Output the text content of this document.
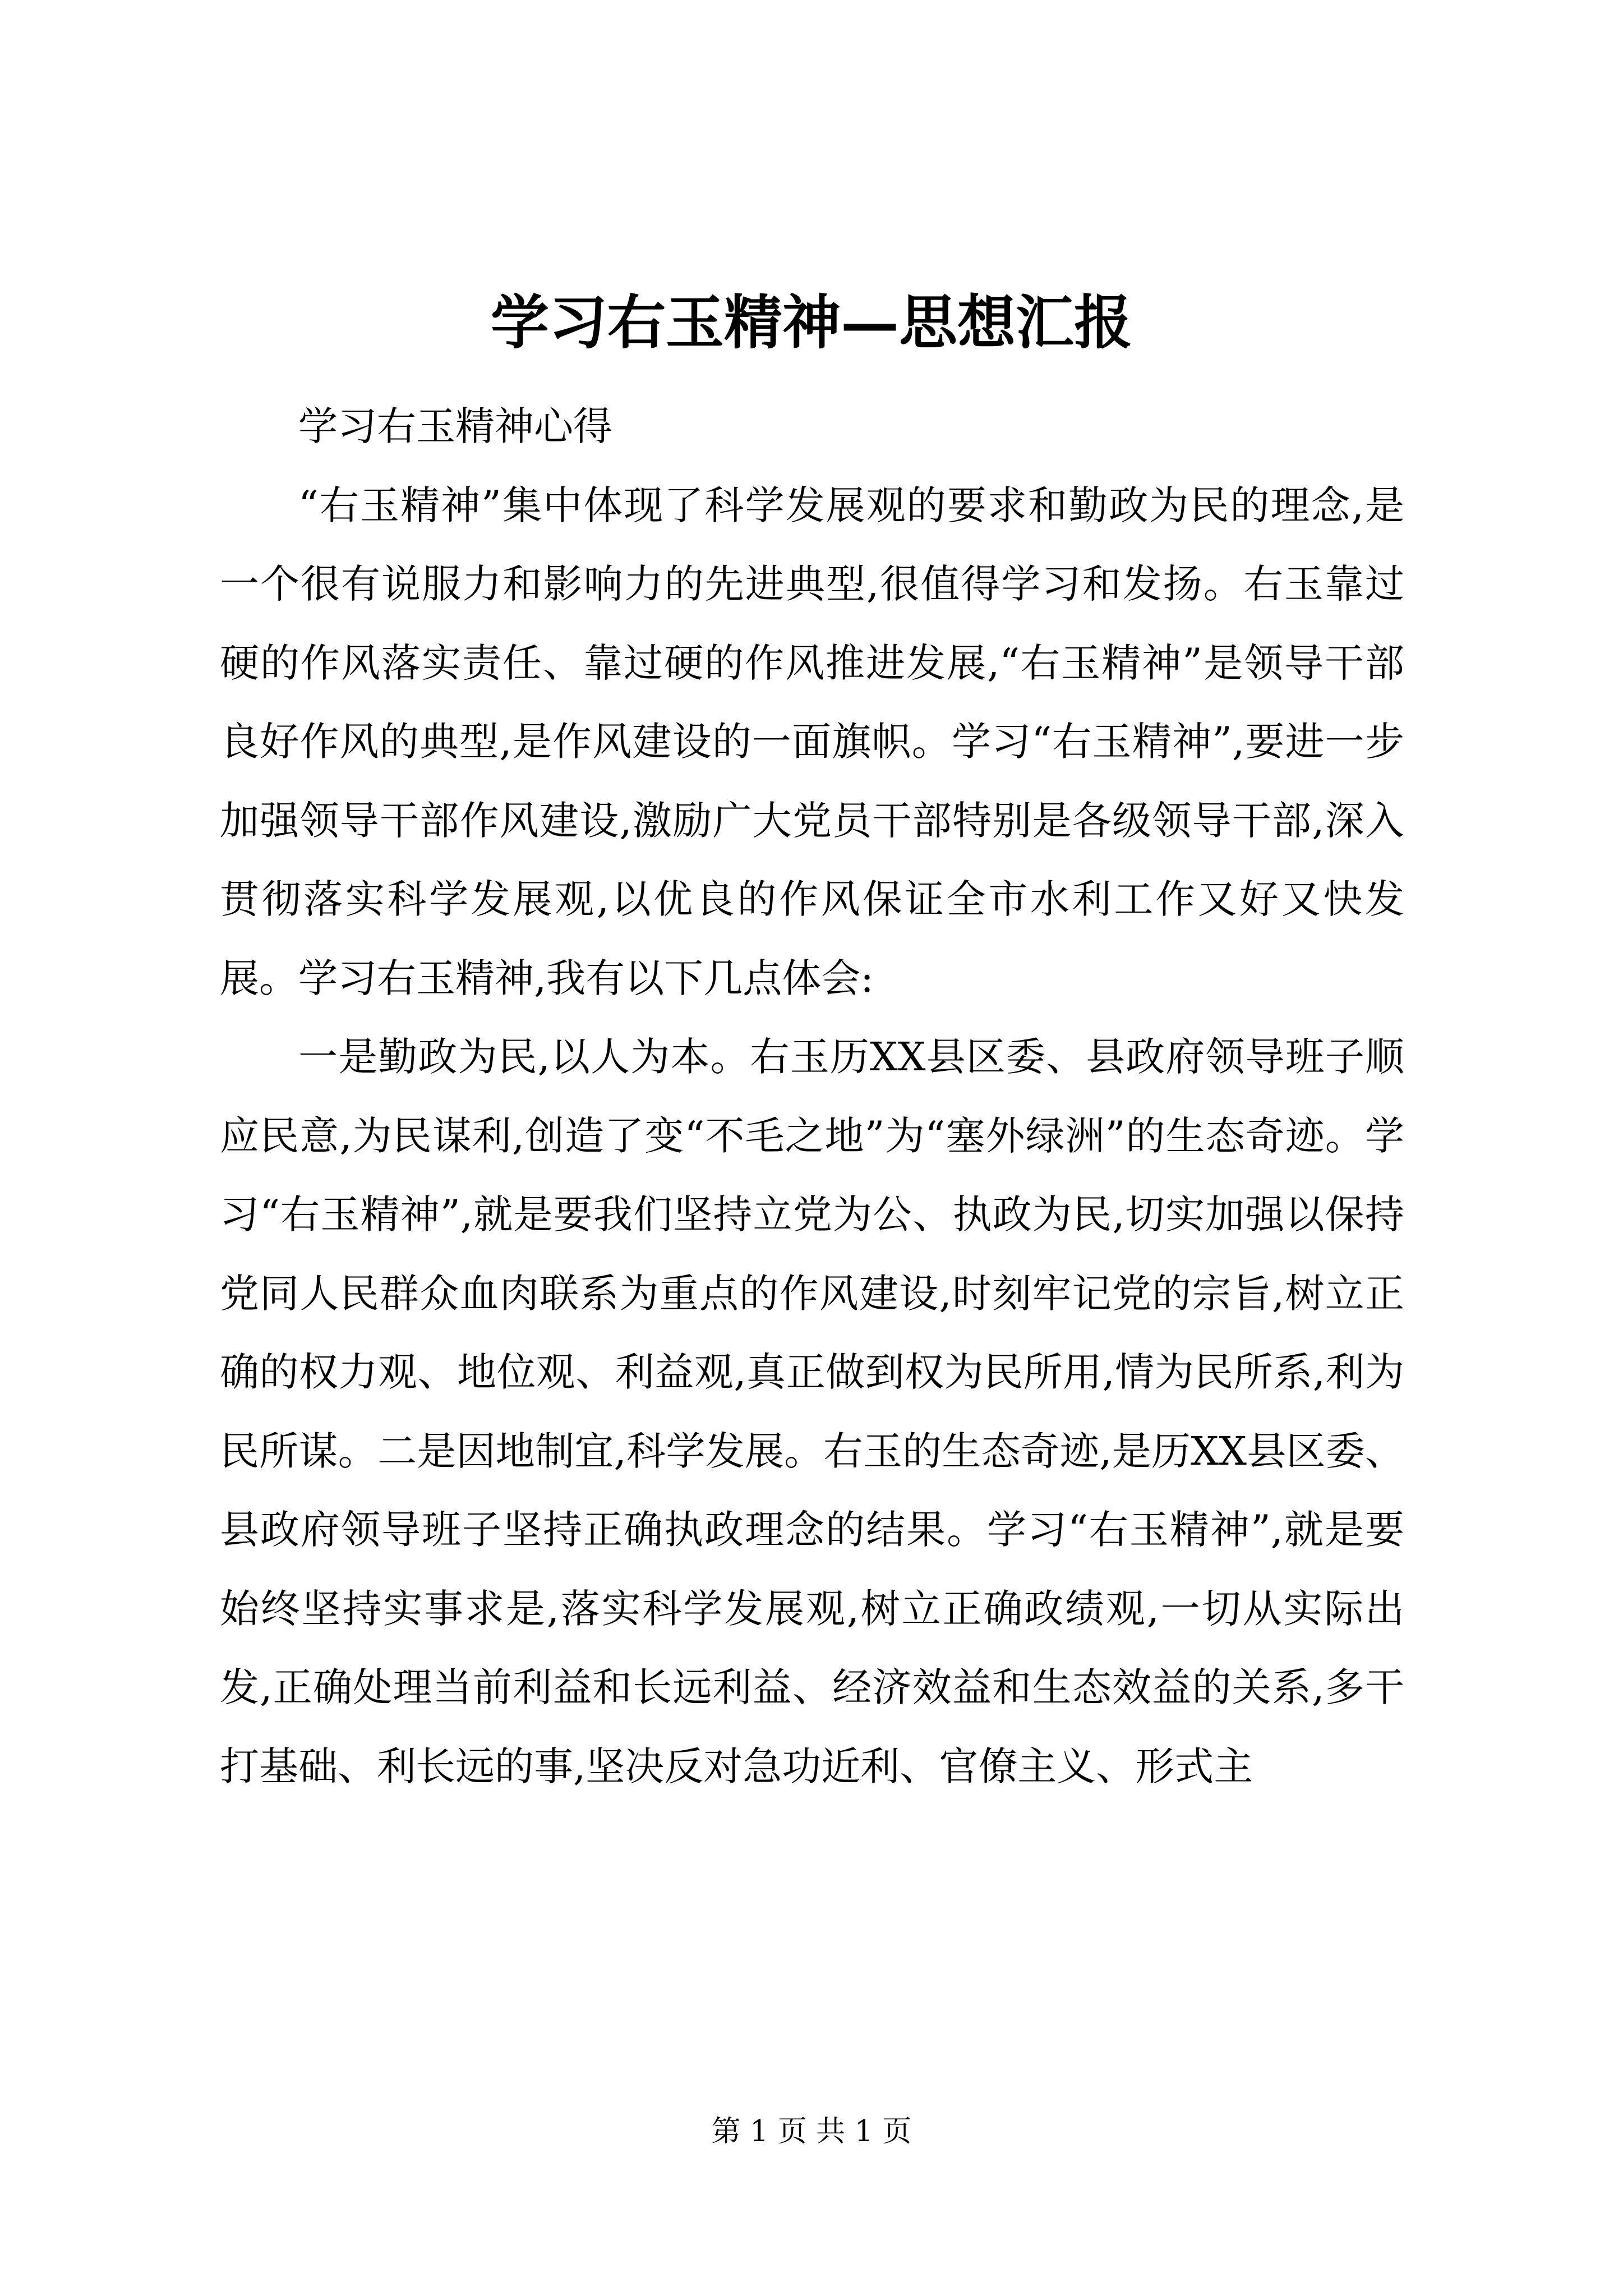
学习右玉精神—思想汇报

学习右玉精神心得

“右玉精神”集中体现了科学发展观的要求和勤政为民的理念,是一个很有说服力和影响力的先进典型,很值得学习和发扬。右玉靠过硬的作风落实责任、靠过硬的作风推进发展,“右玉精神”是领导干部良好作风的典型,是作风建设的一面旗帜。学习“右玉精神”,要进一步加强领导干部作风建设,激励广大党员干部特别是各级领导干部,深入贯彻落实科学发展观,以优良的作风保证全市水利工作又好又快发展。学习右玉精神,我有以下几点体会:

一是勤政为民,以人为本。右玉历XX县区委、县政府领导班子顺应民意,为民谋利,创造了变“不毛之地”为“塞外绿洲”的生态奇迹。学习“右玉精神”,就是要我们坚持立党为公、执政为民,切实加强以保持党同人民群众血肉联系为重点的作风建设,时刻牢记党的宗旨,树立正确的权力观、地位观、利益观,真正做到权为民所用,情为民所系,利为民所谋。二是因地制宜,科学发展。右玉的生态奇迹,是历XX县区委、县政府领导班子坚持正确执政理念的结果。学习“右玉精神”,就是要始终坚持实事求是,落实科学发展观,树立正确政绩观,一切从实际出发,正确处理当前利益和长远利益、经济效益和生态效益的关系,多干打基础、利长远的事,坚决反对急功近利、官僚主义、形式主

第 1 页 共 1 页
